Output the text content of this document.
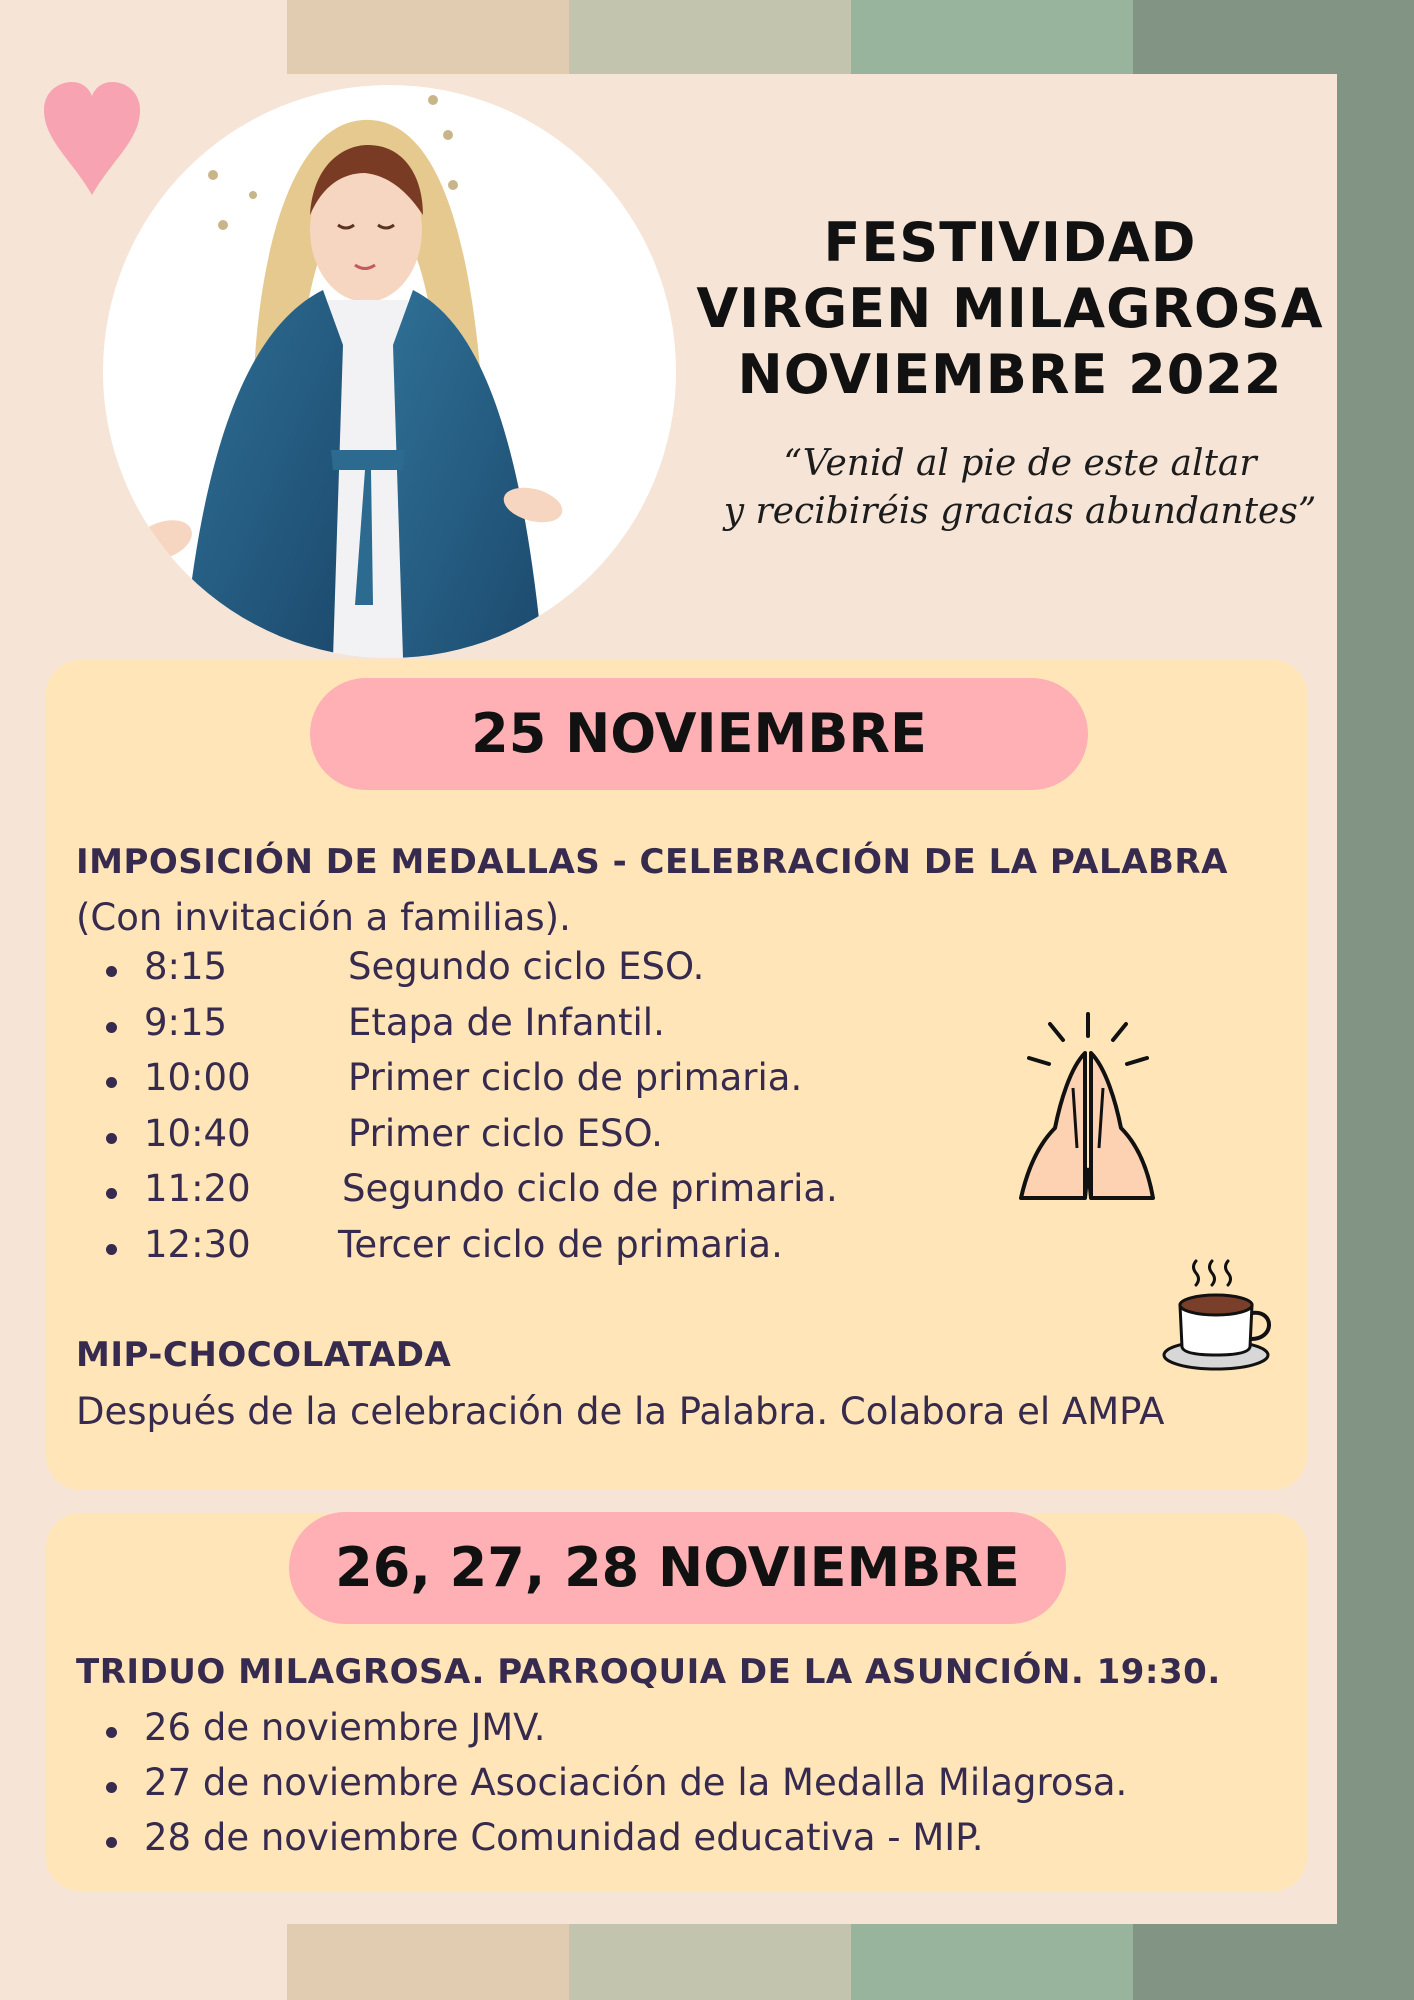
FESTIVIDAD
VIRGEN MILAGROSA
NOVIEMBRE 2022
“Venid al pie de este altar
y recibiréis gracias abundantes”
25 NOVIEMBRE
IMPOSICIÓN DE MEDALLAS - CELEBRACIÓN DE LA PALABRA
(Con invitación a familias).
8:15	Segundo ciclo ESO.
9:15	Etapa de Infantil.
10:00	Primer ciclo de primaria.
10:40	Primer ciclo ESO.
11:20 Segundo ciclo de primaria.
12:30 Tercer ciclo de primaria.
MIP-CHOCOLATADA
Después de la celebración de la Palabra. Colabora el AMPA
26, 27, 28 NOVIEMBRE
TRIDUO MILAGROSA. PARROQUIA DE LA ASUNCIÓN. 19:30.
26 de noviembre JMV.
27 de noviembre Asociación de la Medalla Milagrosa.
28 de noviembre Comunidad educativa - MIP.
